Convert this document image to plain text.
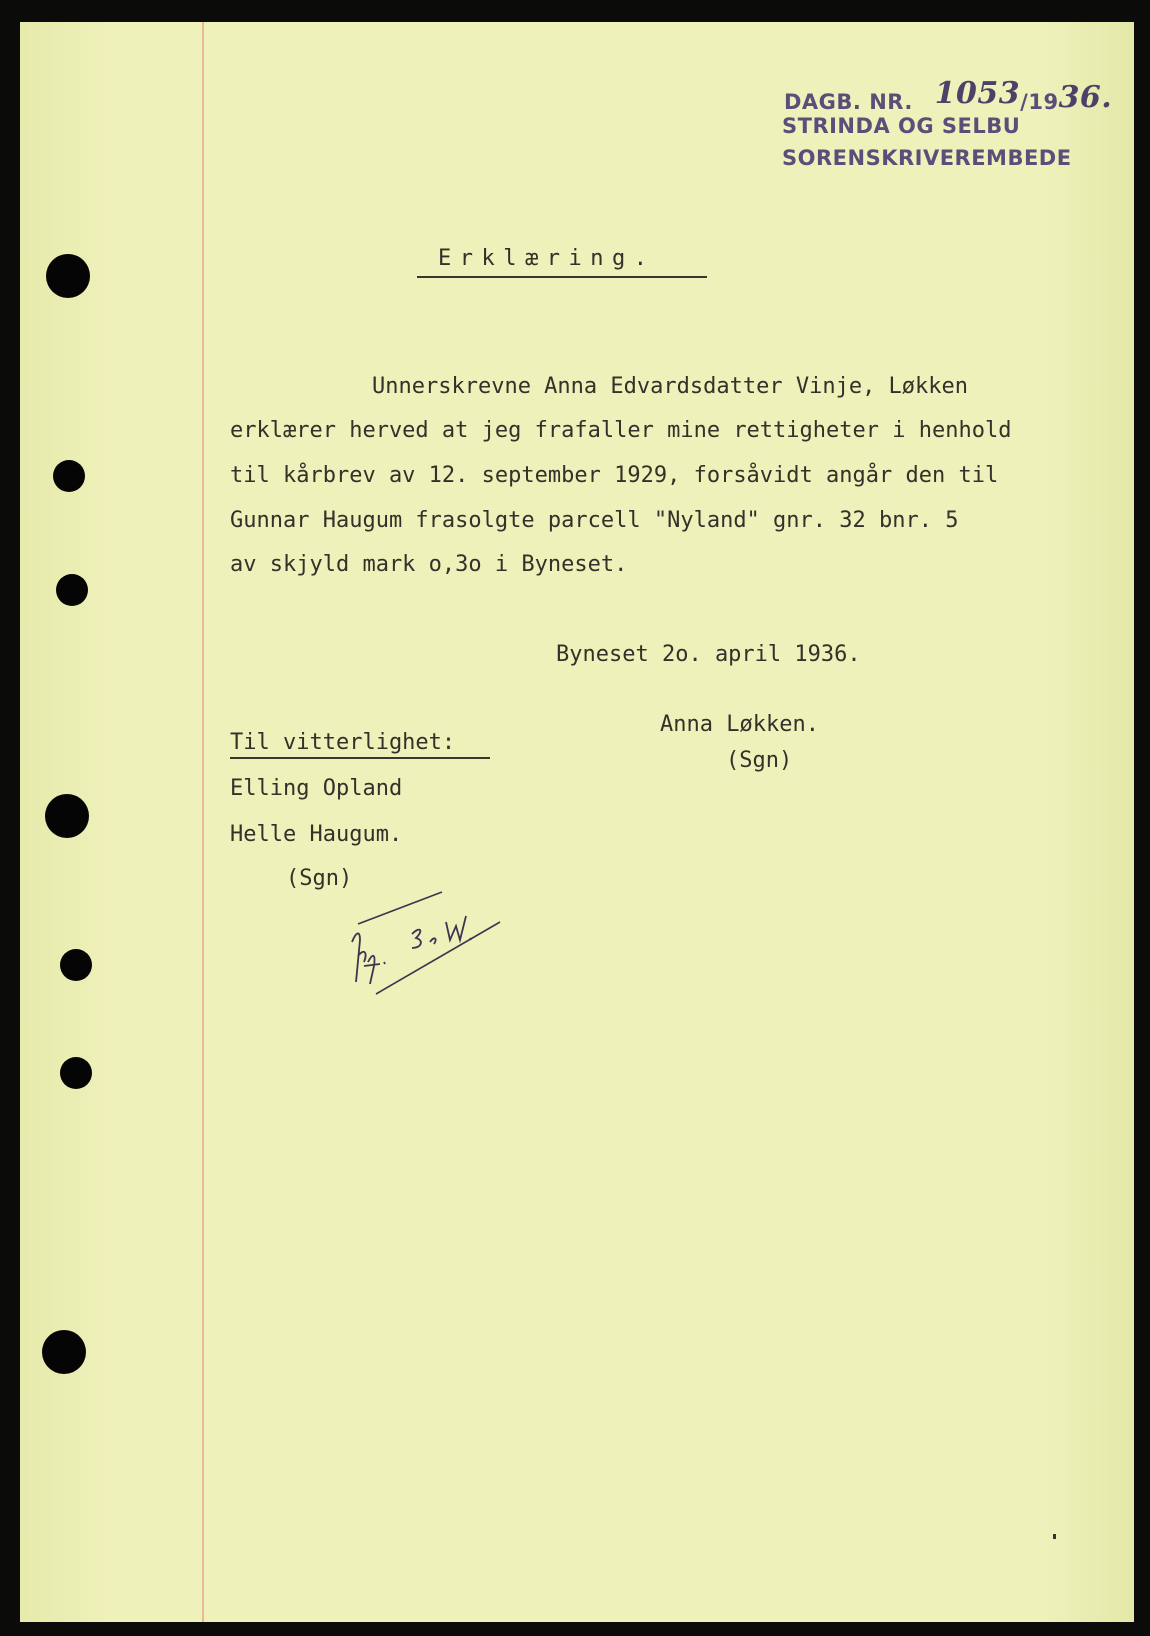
DAGB. NR. 1053/1936.
STRINDA OG SELBU
SORENSKRIVEREMBEDE
Erklæring.
Unnerskrevne Anna Edvardsdatter Vinje, Løkken
erklærer herved at jeg frafaller mine rettigheter i henhold
til kårbrev av 12. september 1929, forsåvidt angår den til
Gunnar Haugum frasolgte parcell "Nyland" gnr. 32 bnr. 5
av skjyld mark o,3o i Byneset.
Byneset 2o. april 1936.
Anna Løkken.
(Sgn)
Til vitterlighet:
Elling Opland
Helle Haugum.
(Sgn)
